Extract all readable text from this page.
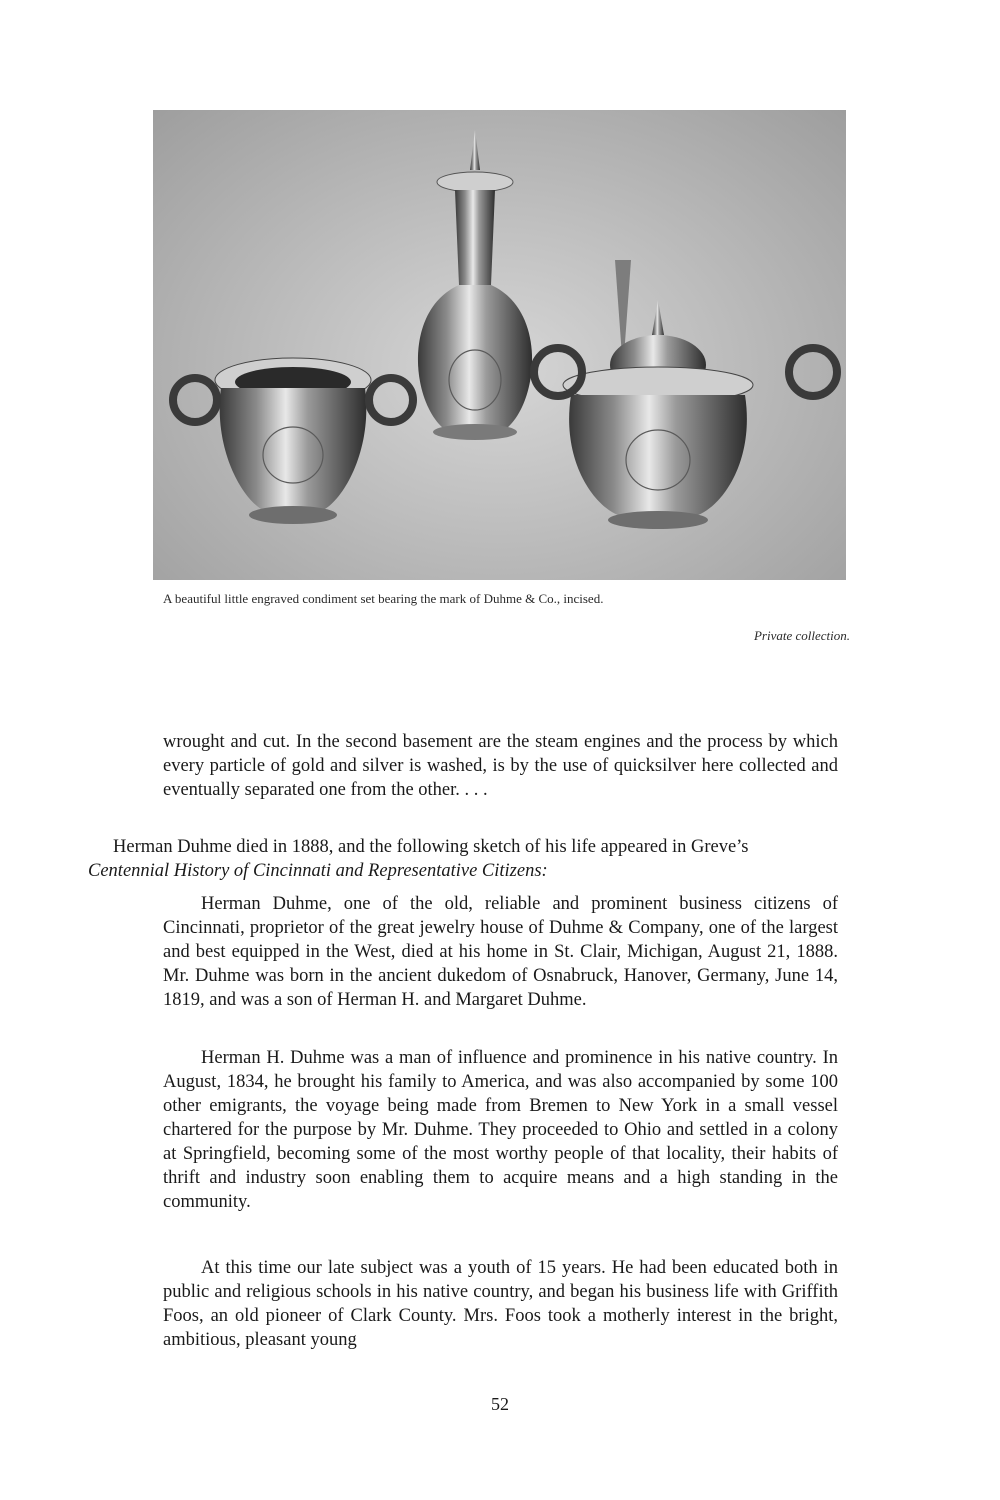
A beautiful little engraved condiment set bearing the mark of Duhme & Co., incised.
Private collection.

wrought and cut. In the second basement are the steam engines and the process by which every particle of gold and silver is washed, is by the use of quicksilver here collected and eventually separated one from the other. . . .

Herman Duhme died in 1888, and the following sketch of his life appeared in Greve’s
Centennial History of Cincinnati and Representative Citizens:

Herman Duhme, one of the old, reliable and prominent business citizens of Cincinnati, proprietor of the great jewelry house of Duhme & Company, one of the largest and best equipped in the West, died at his home in St. Clair, Michigan, August 21, 1888. Mr. Duhme was born in the ancient dukedom of Osnabruck, Hanover, Germany, June 14, 1819, and was a son of Herman H. and Margaret Duhme.

Herman H. Duhme was a man of influence and prominence in his native country. In August, 1834, he brought his family to America, and was also accompanied by some 100 other emigrants, the voyage being made from Bremen to New York in a small vessel chartered for the purpose by Mr. Duhme. They proceeded to Ohio and settled in a colony at Springfield, becoming some of the most worthy people of that locality, their habits of thrift and industry soon enabling them to acquire means and a high standing in the community.

At this time our late subject was a youth of 15 years. He had been educated both in public and religious schools in his native country, and began his business life with Griffith Foos, an old pioneer of Clark County. Mrs. Foos took a motherly interest in the bright, ambitious, pleasant young

52
